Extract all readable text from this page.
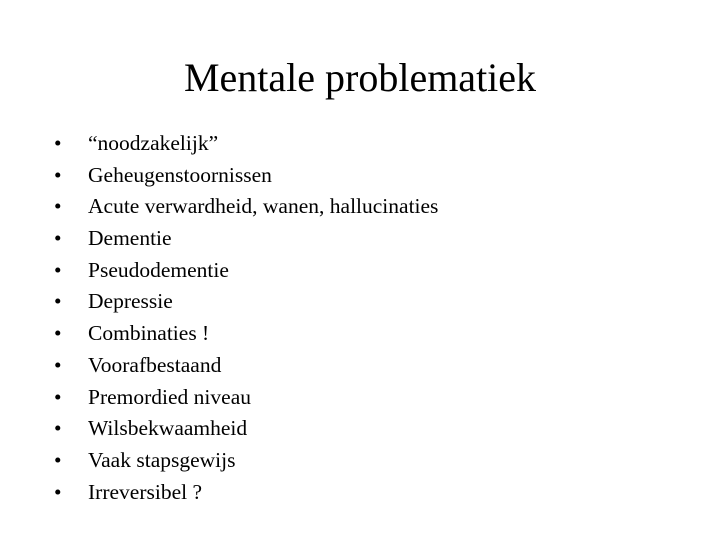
Mentale problematiek
•	“noodzakelijk”
•	Geheugenstoornissen
•	Acute verwardheid, wanen, hallucinaties
•	Dementie
•	Pseudodementie
•	Depressie
•	Combinaties !
•	Voorafbestaand
•	Premordied niveau
•	Wilsbekwaamheid
•	Vaak stapsgewijs
•	Irreversibel ?
